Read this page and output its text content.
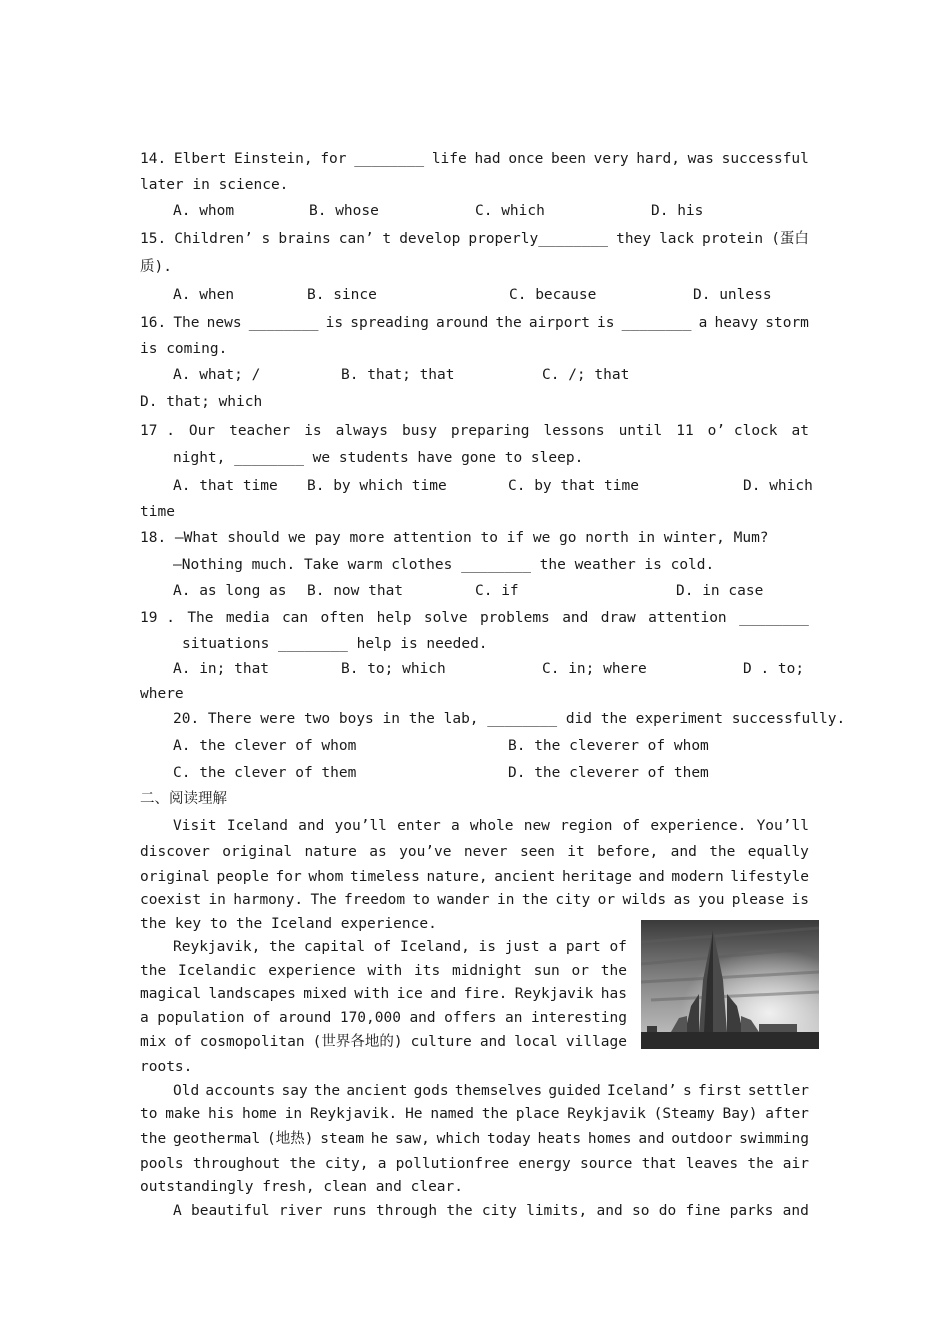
14. Elbert Einstein, for ________ life had once been very hard, was successful
later in science.
A. whom	B. whose	C. which	D. his
15. Children’ s brains can’ t develop properly________ they lack protein (蛋白
质).
A. when	B. since	C. because	D. unless
16. The news ________ is spreading around the airport is ________ a heavy storm
is coming.
A. what; /	B. that; that	C. /; that
D. that; which
17 . Our teacher is always busy preparing lessons until 11 o’ clock at
night, ________ we students have gone to sleep.
A. that time B. by which time	C. by that time	D. which
time
18. —What should we pay more attention to if we go north in winter, Mum?
—Nothing much. Take warm clothes ________ the weather is cold.
A. as long as B. now that	C. if	D. in case
19 . The media can often help solve problems and draw attention ________
situations ________ help is needed.
A. in; that	B. to; which	C. in; where	D . to;
where
20. There were two boys in the lab, ________ did the experiment successfully.
A. the clever of whom	B. the cleverer of whom
C. the clever of them	D. the cleverer of them
二、阅读理解
Visit Iceland and you’ll enter a whole new region of experience. You’ll
discover original nature as you’ve never seen it before, and the equally
original people for whom timeless nature, ancient heritage and modern lifestyle
coexist in harmony. The freedom to wander in the city or wilds as you please is
the key to the Iceland experience.
Reykjavik, the capital of Iceland, is just a part of
the Icelandic experience with its midnight sun or the
magical landscapes mixed with ice and fire. Reykjavik has
a population of around 170,000 and offers an interesting
mix of cosmopolitan (世界各地的) culture and local village
roots.
Old accounts say the ancient gods themselves guided Iceland’ s first settler
to make his home in Reykjavik. He named the place Reykjavik (Steamy Bay) after
the geothermal (地热) steam he saw, which today heats homes and outdoor swimming
pools throughout the city, a pollutionfree energy source that leaves the air
outstandingly fresh, clean and clear.
A beautiful river runs through the city limits, and so do fine parks and
